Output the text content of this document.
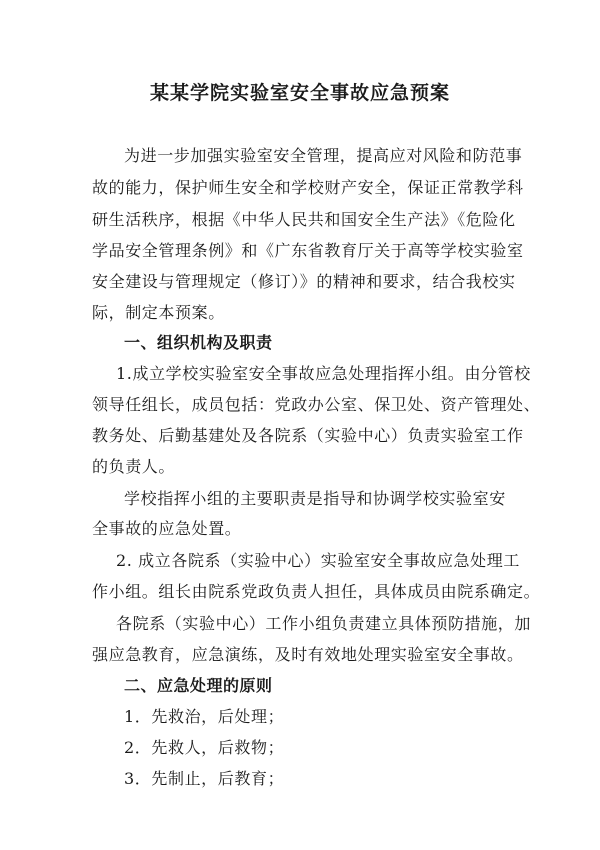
某某学院实验室安全事故应急预案
为进一步加强实验室安全管理，提高应对风险和防范事
故的能力，保护师生安全和学校财产安全，保证正常教学科
研生活秩序，根据《中华人民共和国安全生产法》《危险化
学品安全管理条例》和《广东省教育厅关于高等学校实验室
安全建设与管理规定（修订）》的精神和要求，结合我校实
际，制定本预案。
一、组织机构及职责
1.成立学校实验室安全事故应急处理指挥小组。由分管校
领导任组长，成员包括：党政办公室、保卫处、资产管理处、
教务处、后勤基建处及各院系（实验中心）负责实验室工作
的负责人。
学校指挥小组的主要职责是指导和协调学校实验室安
全事故的应急处置。
2. 成立各院系（实验中心）实验室安全事故应急处理工
作小组。组长由院系党政负责人担任，具体成员由院系确定。
各院系（实验中心）工作小组负责建立具体预防措施，加
强应急教育，应急演练，及时有效地处理实验室安全事故。
二、应急处理的原则
1．先救治，后处理；
2．先救人，后救物；
3．先制止，后教育；
